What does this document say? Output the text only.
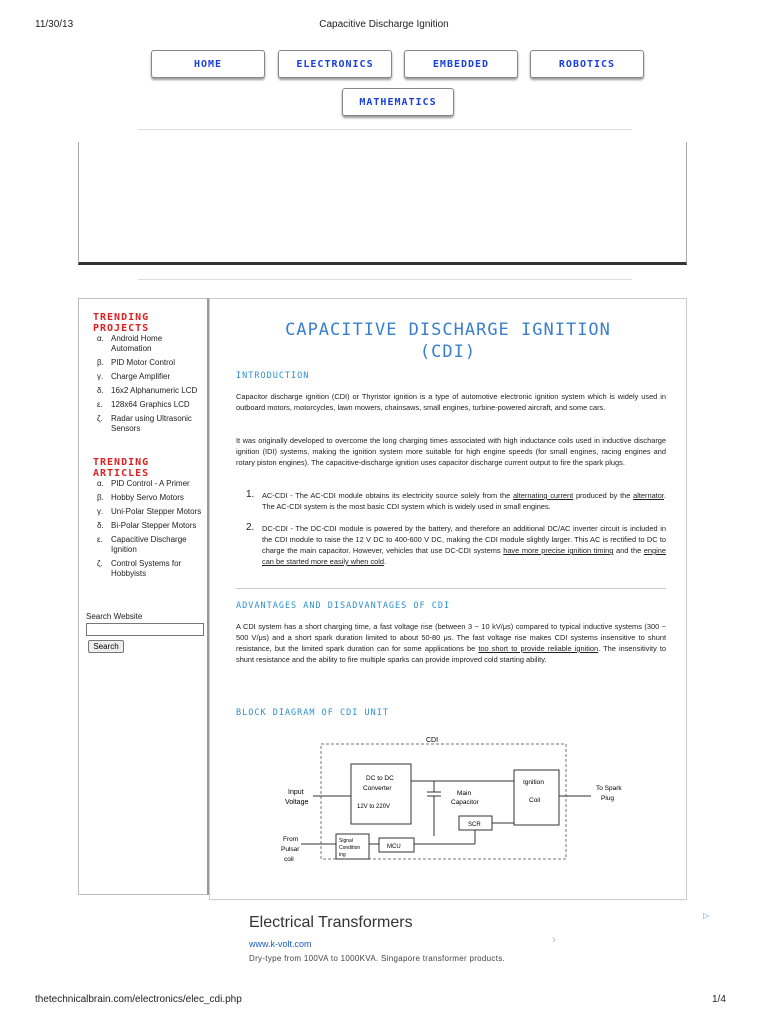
11/30/13	Capacitive Discharge Ignition
HOME	ELECTRONICS	EMBEDDED	ROBOTICS
MATHEMATICS
TRENDING PROJECTS
α. Android Home Automation
β. PID Motor Control
γ. Charge Amplifier
δ. 16x2 Alphanumeric LCD
ε. 128x64 Graphics LCD
ζ. Radar using Ultrasonic Sensors
TRENDING ARTICLES
α. PID Control - A Primer
β. Hobby Servo Motors
γ. Uni-Polar Stepper Motors
δ. Bi-Polar Stepper Motors
ε. Capacitive Discharge Ignition
ζ. Control Systems for Hobbyists
Search Website
Search
CAPACITIVE DISCHARGE IGNITION
(CDI)
INTRODUCTION
Capacitor discharge ignition (CDI) or Thyristor ignition is a type of automotive electronic ignition system which is widely used in outboard motors, motorcycles, lawn mowers, chainsaws, small engines, turbine-powered aircraft, and some cars.
It was originally developed to overcome the long charging times associated with high inductance coils used in inductive discharge ignition (IDI) systems, making the ignition system more suitable for high engine speeds (for small engines, racing engines and rotary piston engines). The capacitive-discharge ignition uses capacitor discharge current output to fire the spark plugs.
1. AC-CDI - The AC-CDI module obtains its electricity source solely from the alternating current produced by the alternator. The AC-CDI system is the most basic CDI system which is widely used in small engines.
2. DC-CDI - The DC-CDI module is powered by the battery, and therefore an additional DC/AC inverter circuit is included in the CDI module to raise the 12 V DC to 400-600 V DC, making the CDI module slightly larger. This AC is rectified to DC to charge the main capacitor. However, vehicles that use DC-CDI systems have more precise ignition timing and the engine can be started more easily when cold.
ADVANTAGES AND DISADVANTAGES OF CDI
A CDI system has a short charging time, a fast voltage rise (between 3 ~ 10 kV/μs) compared to typical inductive systems (300 ~ 500 V/μs) and a short spark duration limited to about 50-80 μs. The fast voltage rise makes CDI systems insensitive to shunt resistance, but the limited spark duration can for some applications be too short to provide reliable ignition. The insensitivity to shunt resistance and the ability to fire multiple sparks can provide improved cold starting ability.
BLOCK DIAGRAM OF CDI UNIT
CDI
Input
Voltage
DC to DC
Converter
12V to 220V
Main
Capacitor
Ignition
Coil
To Spark
Plug
SCR
MCU
Signal
Condition
ing
From
Pulsar
coil
Electrical Transformers
www.k-volt.com
Dry-type from 100VA to 1000KVA. Singapore transformer products.
›
▷
thetechnicalbrain.com/electronics/elec_cdi.php	1/4
